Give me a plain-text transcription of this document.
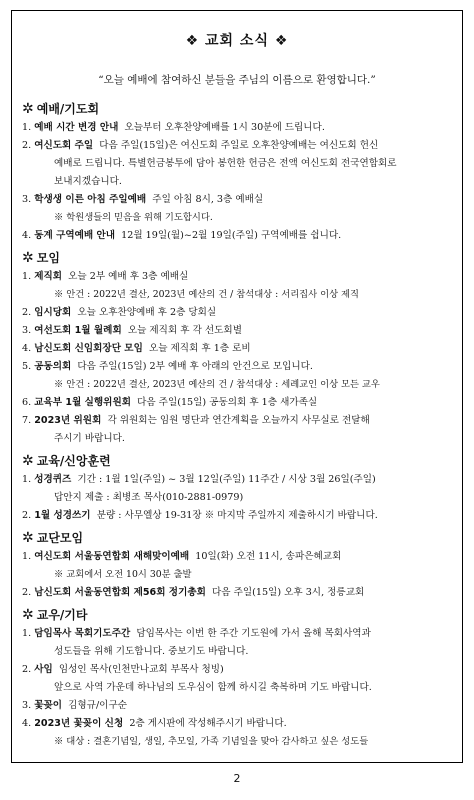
❖ 교회 소식 ❖
“오늘 예배에 참여하신 분들을 주님의 이름으로 환영합니다.”
✲ 예배/기도회
1. 예배 시간 변경 안내 오늘부터 오후찬양예배를 1시 30분에 드립니다.
2. 여신도회 주일 다음 주일(15일)은 여신도회 주일로 오후찬양예배는 여신도회 헌신
예배로 드립니다. 특별헌금봉투에 담아 봉헌한 헌금은 전액 여신도회 전국연합회로
보내지겠습니다.
3. 학생생 이른 아침 주일예배 주일 아침 8시, 3층 예배실
※ 학원생들의 믿음을 위해 기도합시다.
4. 동계 구역예배 안내 12월 19일(월)~2월 19일(주일) 구역예배를 쉽니다.
✲ 모임
1. 제직회 오늘 2부 예배 후 3층 예배실
※ 안건 : 2022년 결산, 2023년 예산의 건 / 참석대상 : 서리집사 이상 제직
2. 임시당회 오늘 오후찬양예배 후 2층 당회실
3. 여선도회 1월 월례회 오늘 제직회 후 각 선도회별
4. 남신도회 신임회장단 모임 오늘 제직회 후 1층 로비
5. 공동의회 다음 주일(15일) 2부 예배 후 아래의 안건으로 모입니다.
※ 안건 : 2022년 결산, 2023년 예산의 건 / 참석대상 : 세례교인 이상 모든 교우
6. 교육부 1월 실행위원회 다음 주일(15일) 공동의회 후 1층 새가족실
7. 2023년 위원회 각 위원회는 임원 명단과 연간계획을 오늘까지 사무실로 전달해
주시기 바랍니다.
✲ 교육/신앙훈련
1. 성경퀴즈 기간 : 1월 1일(주일) ~ 3월 12일(주일) 11주간 / 시상 3월 26일(주일)
답안지 제출 : 최병조 목사(010-2881-0979)
2. 1월 성경쓰기 분량 : 사무엘상 19-31장 ※ 마지막 주일까지 제출하시기 바랍니다.
✲ 교단모임
1. 여신도회 서울동연합회 새해맞이예배 10일(화) 오전 11시, 송파은혜교회
※ 교회에서 오전 10시 30분 출발
2. 남신도회 서울동연합회 제56회 정기총회 다음 주일(15일) 오후 3시, 정릉교회
✲ 교우/기타
1. 담임목사 목회기도주간 담임목사는 이번 한 주간 기도원에 가서 올해 목회사역과
성도들을 위해 기도합니다. 중보기도 바랍니다.
2. 사임 임성인 목사(인천만나교회 부목사 청빙)
앞으로 사역 가운데 하나님의 도우심이 함께 하시길 축복하며 기도 바랍니다.
3. 꽃꽂이 김형규/이구순
4. 2023년 꽃꽂이 신청 2층 게시판에 작성해주시기 바랍니다.
※ 대상 : 결혼기념일, 생일, 추모일, 가족 기념일을 맞아 감사하고 싶은 성도들
2
